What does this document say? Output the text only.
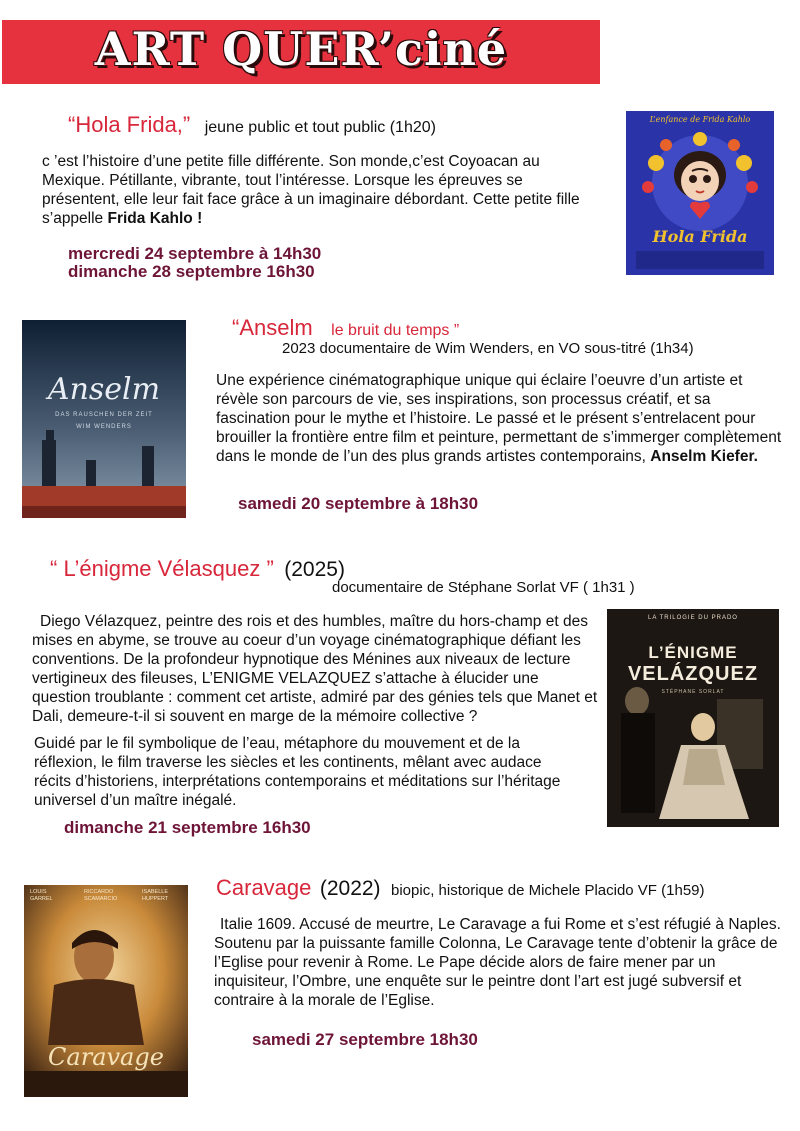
ART QUER’ciné
“Hola Frida,” jeune public et tout public (1h20)
c ’est l’histoire d’une petite fille différente. Son monde,c’est Coyoacan au Mexique. Pétillante, vibrante, tout l’intéresse. Lorsque les épreuves se présentent, elle leur fait face grâce à un imaginaire débordant. Cette petite fille s’appelle Frida Kahlo !
mercredi 24 septembre à 14h30
dimanche 28 septembre 16h30
L’enfance de Frida Kahlo
Hola Frida
Anselm
DAS RAUSCHEN DER ZEIT
WIM WENDERS
“Anselm le bruit du temps ”
2023 documentaire de Wim Wenders, en VO sous-titré (1h34)
Une expérience cinématographique unique qui éclaire l’oeuvre d’un artiste et révèle son parcours de vie, ses inspirations, son processus créatif, et sa fascination pour le mythe et l’histoire. Le passé et le présent s’entrelacent pour brouiller la frontière entre film et peinture, permettant de s’immerger complètement dans le monde de l’un des plus grands artistes contemporains, Anselm Kiefer.
samedi 20 septembre à 18h30
“ L’énigme Vélasquez ” (2025)
documentaire de Stéphane Sorlat VF ( 1h31 )
Diego Vélazquez, peintre des rois et des humbles, maître du hors-champ et des mises en abyme, se trouve au coeur d’un voyage cinématographique défiant les conventions. De la profondeur hypnotique des Ménines aux niveaux de lecture vertigineux des fileuses, L’ENIGME VELAZQUEZ s’attache à élucider une question troublante : comment cet artiste, admiré par des génies tels que Manet et Dali, demeure-t-il si souvent en marge de la mémoire collective ?
Guidé par le fil symbolique de l’eau, métaphore du mouvement et de la réflexion, le film traverse les siècles et les continents, mêlant avec audace récits d’historiens, interprétations contemporains et méditations sur l’héritage universel d’un maître inégalé.
dimanche 21 septembre 16h30
LA TRILOGIE DU PRADO
L’ÉNIGME
VELÁZQUEZ
STÉPHANE SORLAT
LOUIS GARREL
RICCARDO SCAMARCIO
ISABELLE HUPPERT
Caravage
Caravage (2022) biopic, historique de Michele Placido VF (1h59)
Italie 1609. Accusé de meurtre, Le Caravage a fui Rome et s’est réfugié à Naples. Soutenu par la puissante famille Colonna, Le Caravage tente d’obtenir la grâce de l’Eglise pour revenir à Rome. Le Pape décide alors de faire mener par un inquisiteur, l’Ombre, une enquête sur le peintre dont l’art est jugé subversif et contraire à la morale de l’Eglise.
samedi 27 septembre 18h30
